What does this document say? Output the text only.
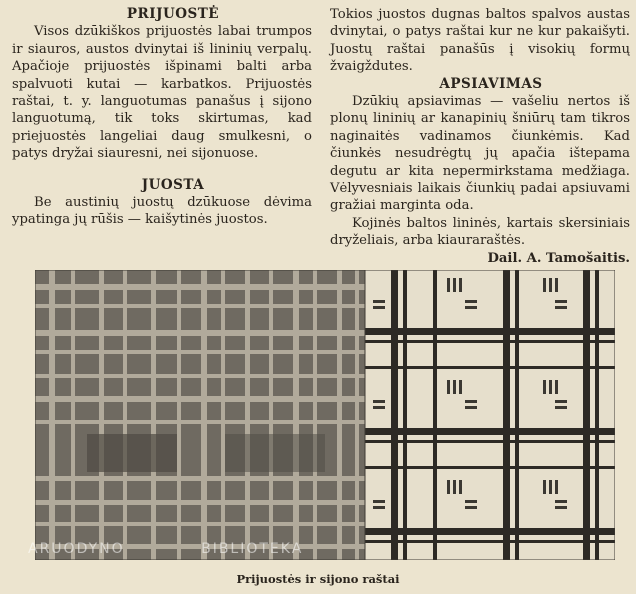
PRIJUOSTĖ

Visos dzūkiškos prijuostės labai trumpos ir siauros, austos dvinytai iš lininių verpalų. Apačioje prijuostės išpinami balti arba spalvuoti kutai — karbatkos. Prijuostės raštai, t. y. languotumas panašus į sijono languotumą, tik toks skirtumas, kad priejuostės langeliai daug smulkesni, o patys dryžai siauresni, nei sijonuose.

JUOSTA

Be austinių juostų dzūkuose dėvima ypatinga jų rūšis — kaišytinės juostos.

Tokios juostos dugnas baltos spalvos austas dvinytai, o patys raštai kur ne kur pakaišyti. Juostų raštai panašūs į visokių formų žvaigždutes.

APSIAVIMAS

Dzūkių apsiavimas — vašeliu nertos iš plonų lininių ar kanapinių šniūrų tam tikros naginaitės vadinamos čiunkėmis. Kad čiunkės nesudrėgtų jų apačia ištepama degutu ar kita nepermirkstama medžiaga. Vėlyvesniais laikais čiunkių padai apsiuvami gražiai marginta oda.

Kojinės baltos lininės, kartais skersiniais dryželiais, arba kiauraraštės.

Dail. A. Tamošaitis.

ARUODYNO	BIBLIOTEKA
Prijuostės ir sijono raštai
